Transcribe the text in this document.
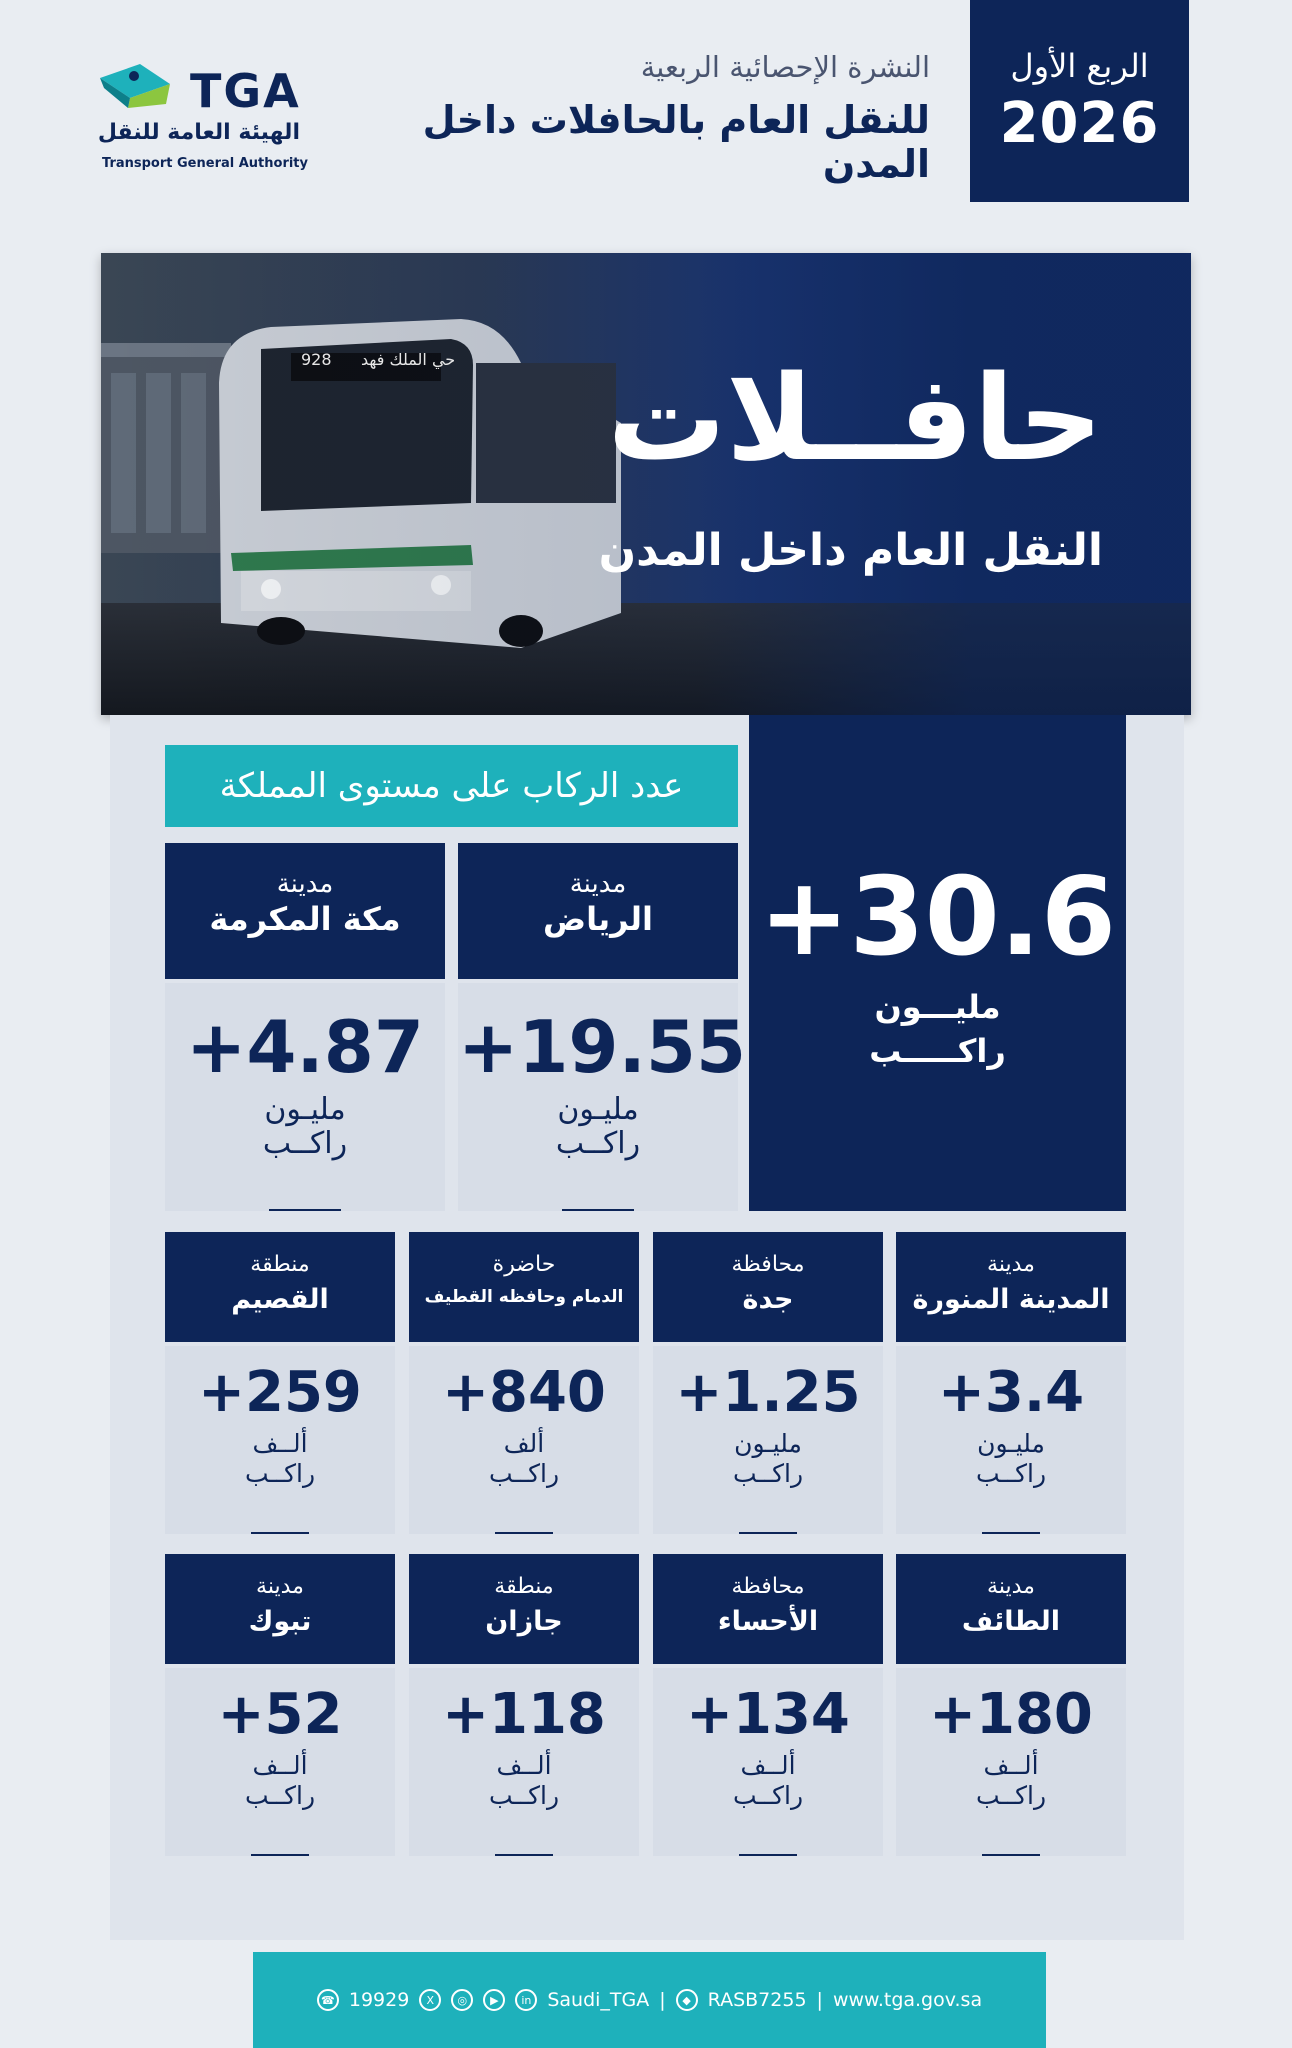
الربع الأول
2026
النشرة الإحصائية الربعية
للنقل العام بالحافلات داخل المدن
TGA
الهيئة العامة للنقل
Transport General Authority
928 حي الملك فهد حافــلات
النقل العام داخل المدن
عدد الركاب على مستوى المملكة
+30.6
مليـــون
راكـــــب
مدينة
الرياض
+19.55
مليـون
راكــب
مدينة
مكة المكرمة
+4.87
مليـون
راكــب
مدينة
المدينة المنورة
+3.4
مليـون
راكــب
محافظة
جدة
+1.25
مليـون
راكــب
حاضرة
الدمام وحافظه القطيف
+840
ألف
راكــب
منطقة
القصيم
+259
ألــف
راكــب
مدينة
الطائف
+180
ألــف
راكــب
محافظة
الأحساء
+134
ألــف
راكــب
منطقة
جازان
+118
ألــف
راكــب
مدينة
تبوك
+52
ألــف
راكــب
☎ 19929	X	◎	▶	in Saudi_TGA |	◆ RASB7255 | www.tga.gov.sa
